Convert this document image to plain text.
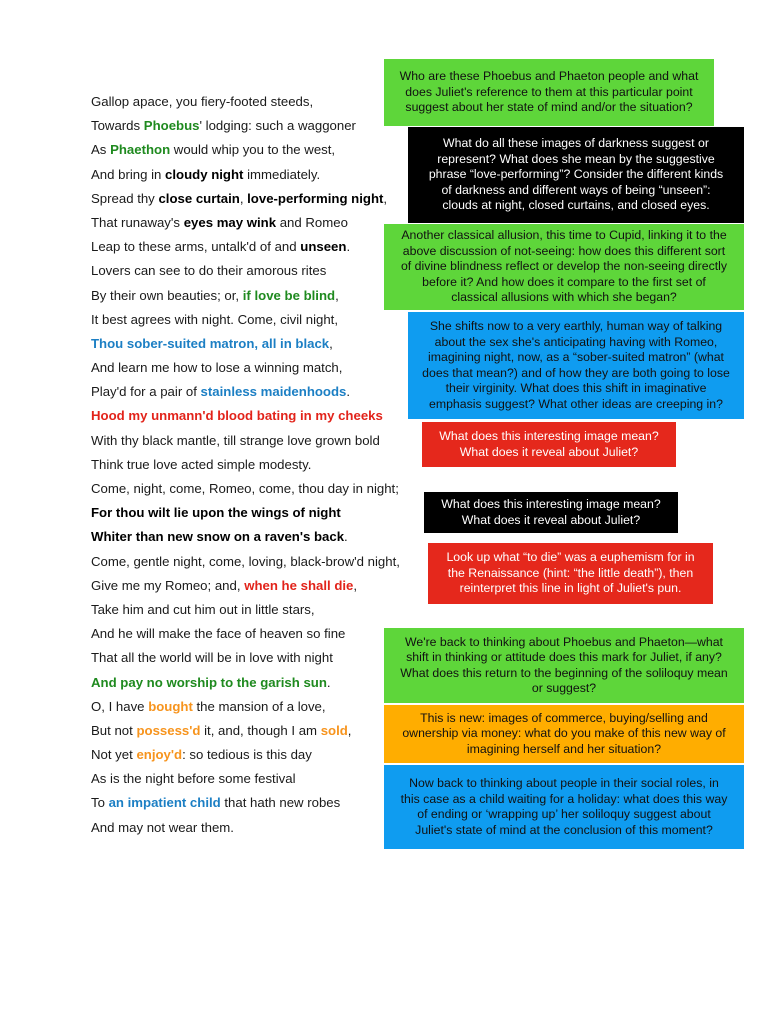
Gallop apace, you fiery-footed steeds,
Towards Phoebus' lodging: such a waggoner
As Phaethon would whip you to the west,
And bring in cloudy night immediately.
Spread thy close curtain, love-performing night,
That runaway's eyes may wink and Romeo
Leap to these arms, untalk'd of and unseen.
Lovers can see to do their amorous rites
By their own beauties; or, if love be blind,
It best agrees with night. Come, civil night,
Thou sober-suited matron, all in black,
And learn me how to lose a winning match,
Play'd for a pair of stainless maidenhoods.
Hood my unmann'd blood bating in my cheeks
With thy black mantle, till strange love grown bold
Think true love acted simple modesty.
Come, night, come, Romeo, come, thou day in night;
For thou wilt lie upon the wings of night
Whiter than new snow on a raven's back.
Come, gentle night, come, loving, black-brow'd night,
Give me my Romeo; and, when he shall die,
Take him and cut him out in little stars,
And he will make the face of heaven so fine
That all the world will be in love with night
And pay no worship to the garish sun.
O, I have bought the mansion of a love,
But not possess'd it, and, though I am sold,
Not yet enjoy'd: so tedious is this day
As is the night before some festival
To an impatient child that hath new robes
And may not wear them.
Who are these Phoebus and Phaeton people and what
does Juliet's reference to them at this particular point
suggest about her state of mind and/or the situation?
What do all these images of darkness suggest or
represent? What does she mean by the suggestive
phrase “love-performing”? Consider the different kinds
of darkness and different ways of being “unseen”:
clouds at night, closed curtains, and closed eyes.
Another classical allusion, this time to Cupid, linking it to the
above discussion of not-seeing: how does this different sort
of divine blindness reflect or develop the non-seeing directly
before it? And how does it compare to the first set of
classical allusions with which she began?
She shifts now to a very earthly, human way of talking
about the sex she's anticipating having with Romeo,
imagining night, now, as a “sober-suited matron” (what
does that mean?) and of how they are both going to lose
their virginity. What does this shift in imaginative
emphasis suggest? What other ideas are creeping in?
What does this interesting image mean?
What does it reveal about Juliet?
What does this interesting image mean?
What does it reveal about Juliet?
Look up what “to die” was a euphemism for in
the Renaissance (hint: “the little death”), then
reinterpret this line in light of Juliet's pun.
We're back to thinking about Phoebus and Phaeton—what
shift in thinking or attitude does this mark for Juliet, if any?
What does this return to the beginning of the soliloquy mean
or suggest?
This is new: images of commerce, buying/selling and
ownership via money: what do you make of this new way of
imagining herself and her situation?
Now back to thinking about people in their social roles, in
this case as a child waiting for a holiday: what does this way
of ending or ‘wrapping up’ her soliloquy suggest about
Juliet's state of mind at the conclusion of this moment?
